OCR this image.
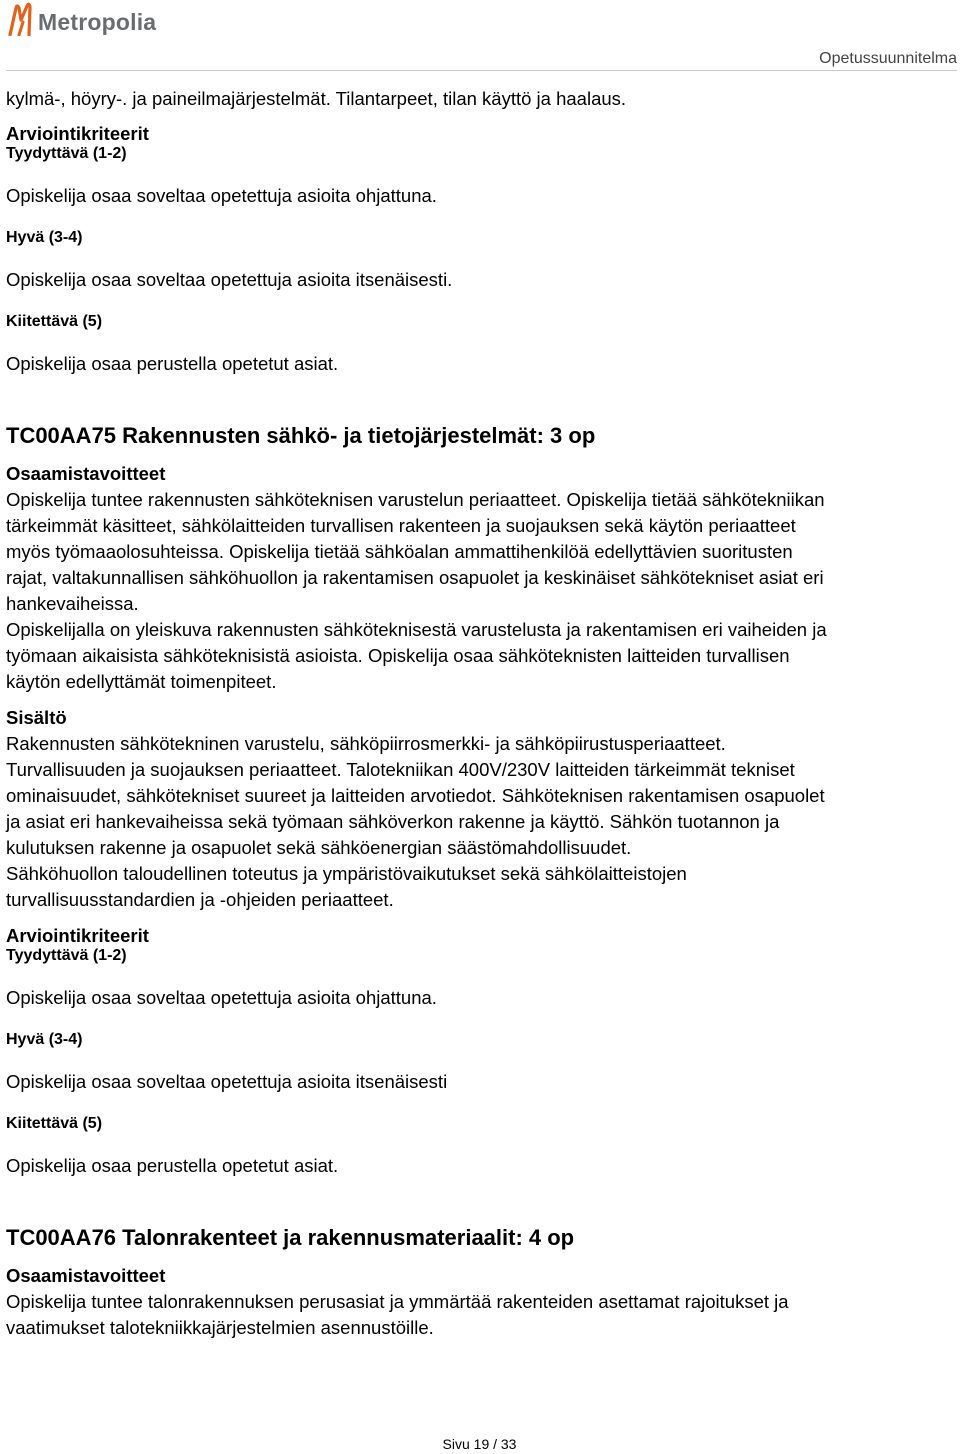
Metropolia
Opetussuunnitelma

kylmä-, höyry-. ja paineilmajärjestelmät. Tilantarpeet, tilan käyttö ja haalaus.

Arviointikriteerit

Tyydyttävä (1-2)

Opiskelija osaa soveltaa opetettuja asioita ohjattuna.

Hyvä (3-4)

Opiskelija osaa soveltaa opetettuja asioita itsenäisesti.

Kiitettävä (5)

Opiskelija osaa perustella opetetut asiat.

TC00AA75 Rakennusten sähkö- ja tietojärjestelmät: 3 op

Osaamistavoitteet

Opiskelija tuntee rakennusten sähköteknisen varustelun periaatteet. Opiskelija tietää sähkötekniikan

tärkeimmät käsitteet, sähkölaitteiden turvallisen rakenteen ja suojauksen sekä käytön periaatteet

myös työmaaolosuhteissa. Opiskelija tietää sähköalan ammattihenkilöä edellyttävien suoritusten

rajat, valtakunnallisen sähköhuollon ja rakentamisen osapuolet ja keskinäiset sähkötekniset asiat eri

hankevaiheissa.

Opiskelijalla on yleiskuva rakennusten sähköteknisestä varustelusta ja rakentamisen eri vaiheiden ja

työmaan aikaisista sähköteknisistä asioista. Opiskelija osaa sähköteknisten laitteiden turvallisen

käytön edellyttämät toimenpiteet.

Sisältö

Rakennusten sähkötekninen varustelu, sähköpiirrosmerkki- ja sähköpiirustusperiaatteet.

Turvallisuuden ja suojauksen periaatteet. Talotekniikan 400V/230V laitteiden tärkeimmät tekniset

ominaisuudet, sähkötekniset suureet ja laitteiden arvotiedot. Sähköteknisen rakentamisen osapuolet

ja asiat eri hankevaiheissa sekä työmaan sähköverkon rakenne ja käyttö. Sähkön tuotannon ja

kulutuksen rakenne ja osapuolet sekä sähköenergian säästömahdollisuudet.

Sähköhuollon taloudellinen toteutus ja ympäristövaikutukset sekä sähkölaitteistojen

turvallisuusstandardien ja -ohjeiden periaatteet.

Arviointikriteerit

Tyydyttävä (1-2)

Opiskelija osaa soveltaa opetettuja asioita ohjattuna.

Hyvä (3-4)

Opiskelija osaa soveltaa opetettuja asioita itsenäisesti

Kiitettävä (5)

Opiskelija osaa perustella opetetut asiat.

TC00AA76 Talonrakenteet ja rakennusmateriaalit: 4 op

Osaamistavoitteet

Opiskelija tuntee talonrakennuksen perusasiat ja ymmärtää rakenteiden asettamat rajoitukset ja

vaatimukset talotekniikkajärjestelmien asennustöille.

Sivu 19 / 33
